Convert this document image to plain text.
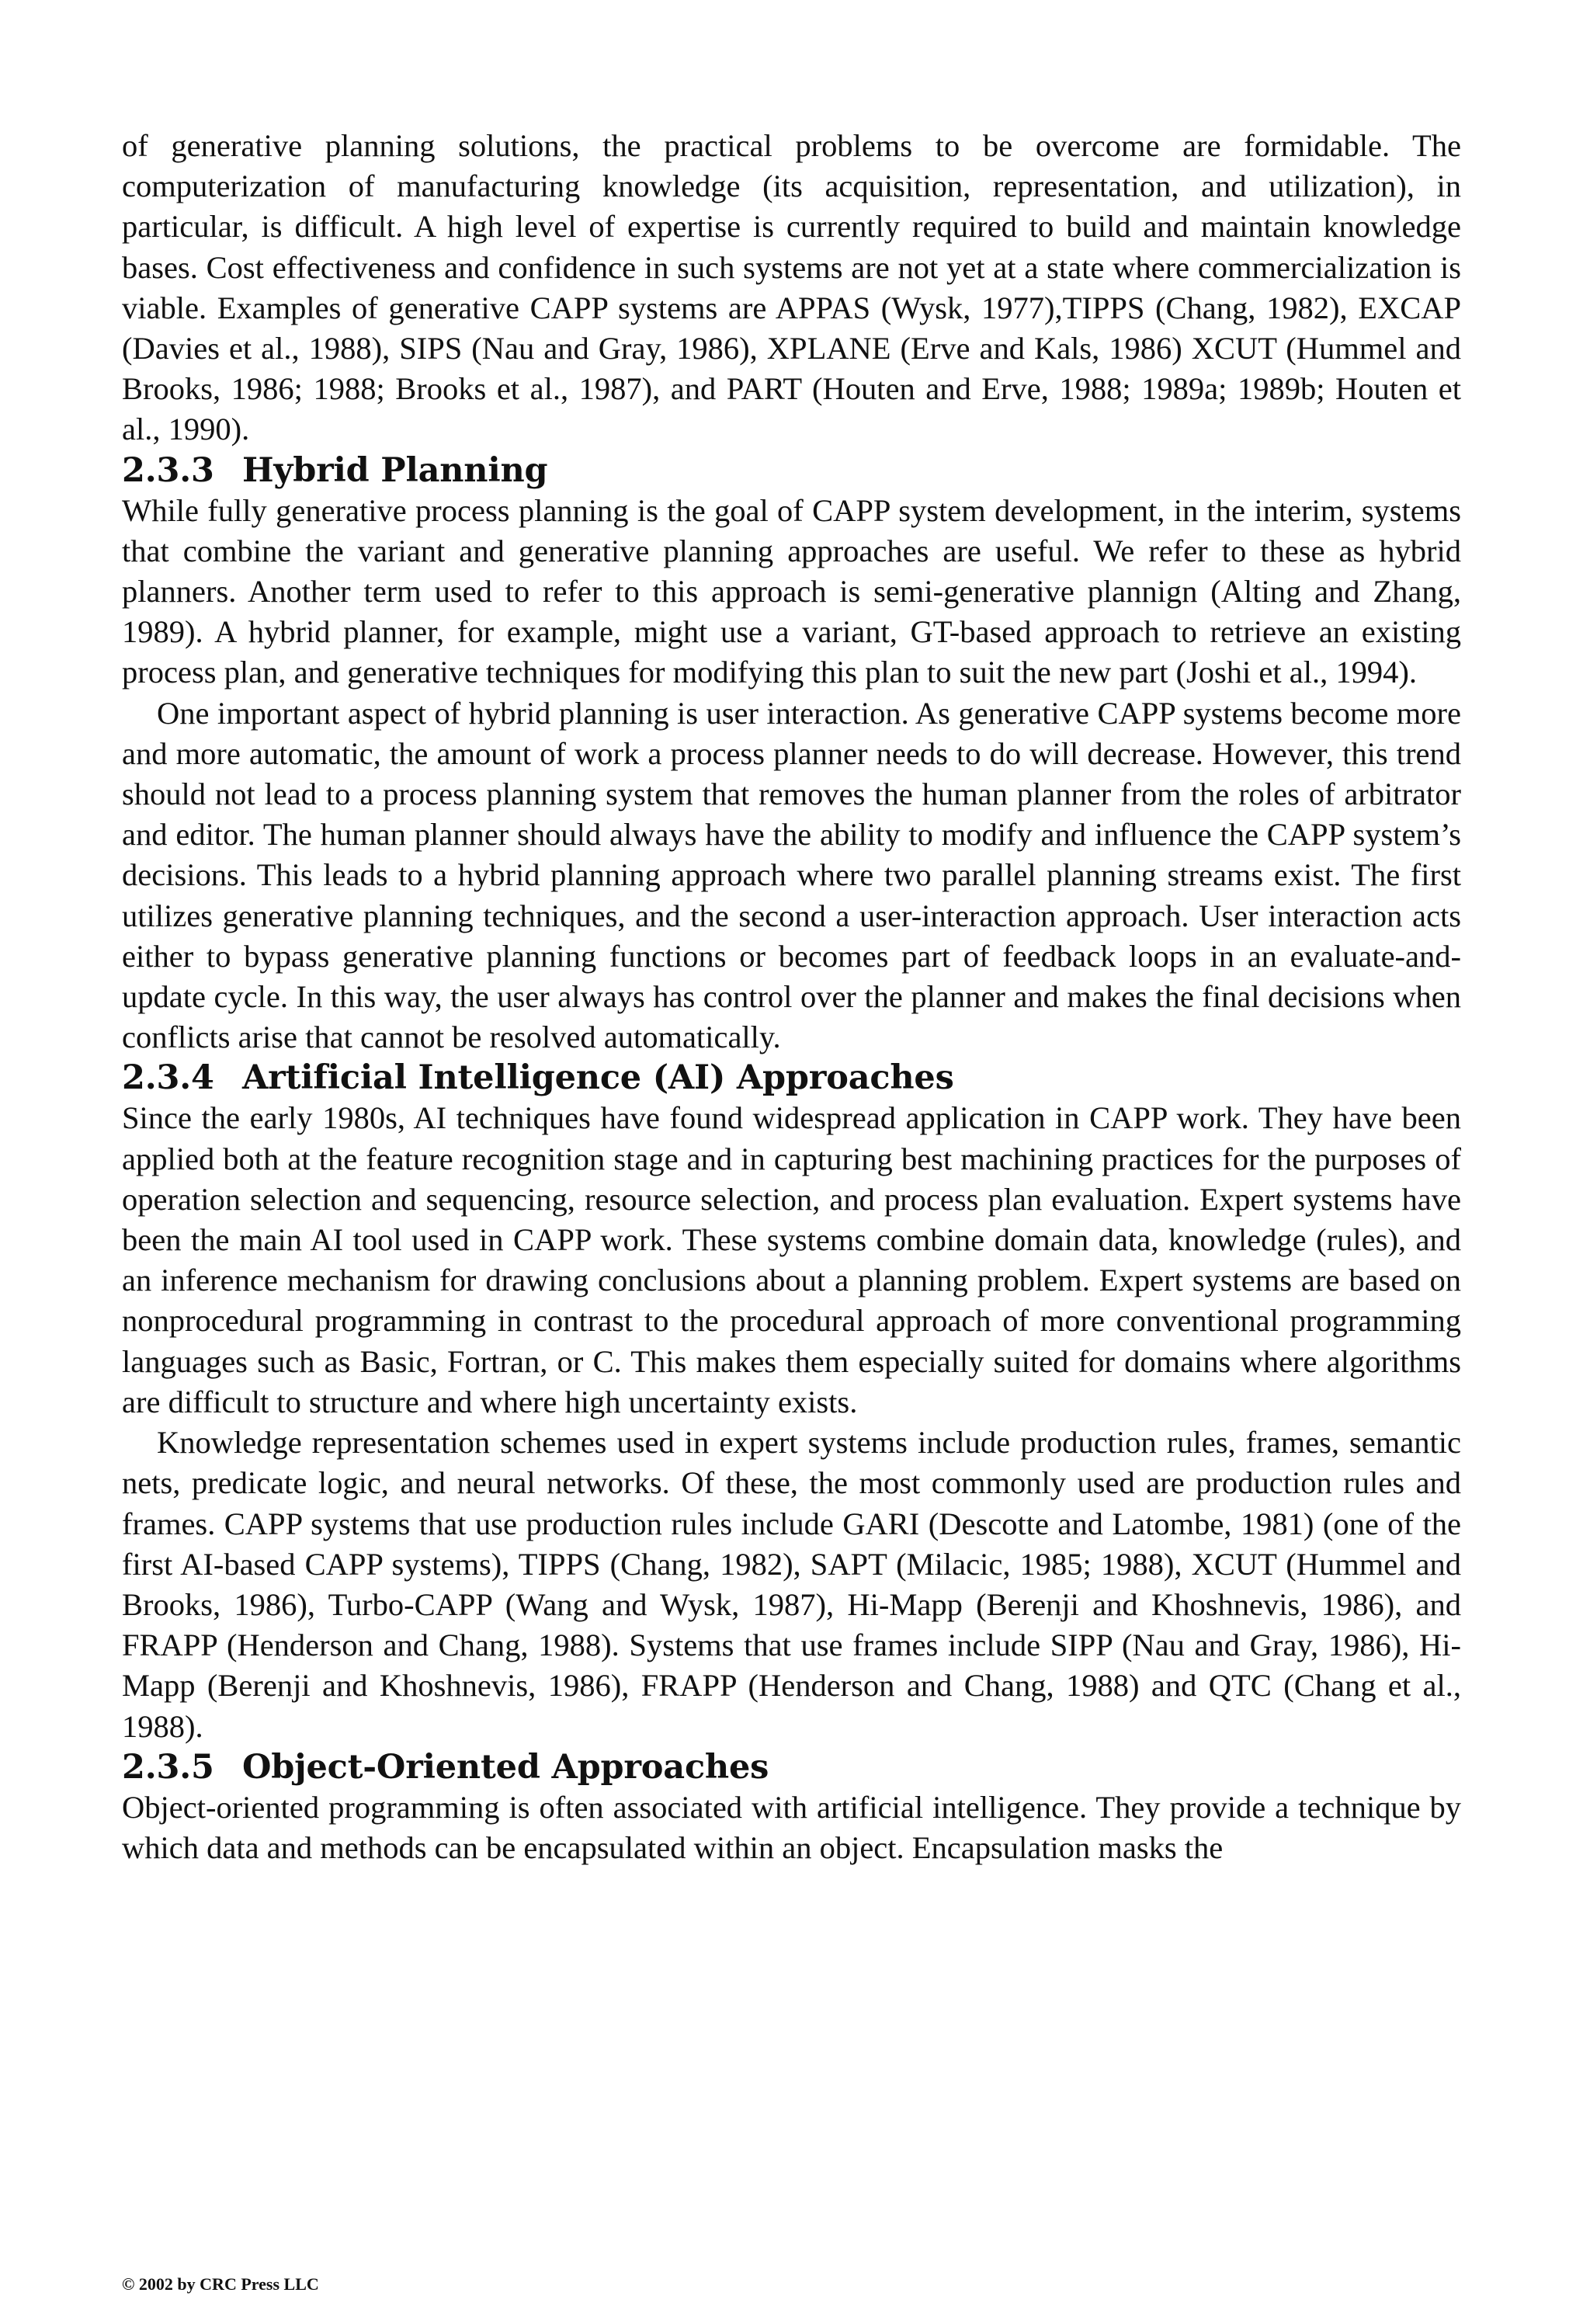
of generative planning solutions, the practical problems to be overcome are formidable. The computerization of manufacturing knowledge (its acquisition, representation, and utilization), in particular, is difficult. A high level of expertise is currently required to build and maintain knowledge bases. Cost effectiveness and confidence in such systems are not yet at a state where commercialization is viable. Examples of generative CAPP systems are APPAS (Wysk, 1977),TIPPS (Chang, 1982), EXCAP (Davies et al., 1988), SIPS (Nau and Gray, 1986), XPLANE (Erve and Kals, 1986) XCUT (Hummel and Brooks, 1986; 1988; Brooks et al., 1987), and PART (Houten and Erve, 1988; 1989a; 1989b; Houten et al., 1990).

2.3.3 Hybrid Planning

While fully generative process planning is the goal of CAPP system development, in the interim, systems that combine the variant and generative planning approaches are useful. We refer to these as hybrid planners. Another term used to refer to this approach is semi-generative plannign (Alting and Zhang, 1989). A hybrid planner, for example, might use a variant, GT-based approach to retrieve an existing process plan, and generative techniques for modifying this plan to suit the new part (Joshi et al., 1994).

One important aspect of hybrid planning is user interaction. As generative CAPP systems become more and more automatic, the amount of work a process planner needs to do will decrease. However, this trend should not lead to a process planning system that removes the human planner from the roles of arbitrator and editor. The human planner should always have the ability to modify and influence the CAPP system’s decisions. This leads to a hybrid planning approach where two parallel planning streams exist. The first utilizes generative planning techniques, and the second a user-interaction approach. User interaction acts either to bypass generative planning functions or becomes part of feedback loops in an evaluate-and-update cycle. In this way, the user always has control over the planner and makes the final decisions when conflicts arise that cannot be resolved automatically.

2.3.4 Artificial Intelligence (AI) Approaches

Since the early 1980s, AI techniques have found widespread application in CAPP work. They have been applied both at the feature recognition stage and in capturing best machining practices for the purposes of operation selection and sequencing, resource selection, and process plan evaluation. Expert systems have been the main AI tool used in CAPP work. These systems combine domain data, knowledge (rules), and an inference mechanism for drawing conclusions about a planning problem. Expert systems are based on nonprocedural programming in contrast to the procedural approach of more conventional programming languages such as Basic, Fortran, or C. This makes them especially suited for domains where algorithms are difficult to structure and where high uncertainty exists.

Knowledge representation schemes used in expert systems include production rules, frames, semantic nets, predicate logic, and neural networks. Of these, the most commonly used are production rules and frames. CAPP systems that use production rules include GARI (Descotte and Latombe, 1981) (one of the first AI-based CAPP systems), TIPPS (Chang, 1982), SAPT (Milacic, 1985; 1988), XCUT (Hummel and Brooks, 1986), Turbo-CAPP (Wang and Wysk, 1987), Hi-Mapp (Berenji and Khoshnevis, 1986), and FRAPP (Henderson and Chang, 1988). Systems that use frames include SIPP (Nau and Gray, 1986), Hi-Mapp (Berenji and Khoshnevis, 1986), FRAPP (Henderson and Chang, 1988) and QTC (Chang et al., 1988).

2.3.5 Object-Oriented Approaches

Object-oriented programming is often associated with artificial intelligence. They provide a technique by which data and methods can be encapsulated within an object. Encapsulation masks the

© 2002 by CRC Press LLC
